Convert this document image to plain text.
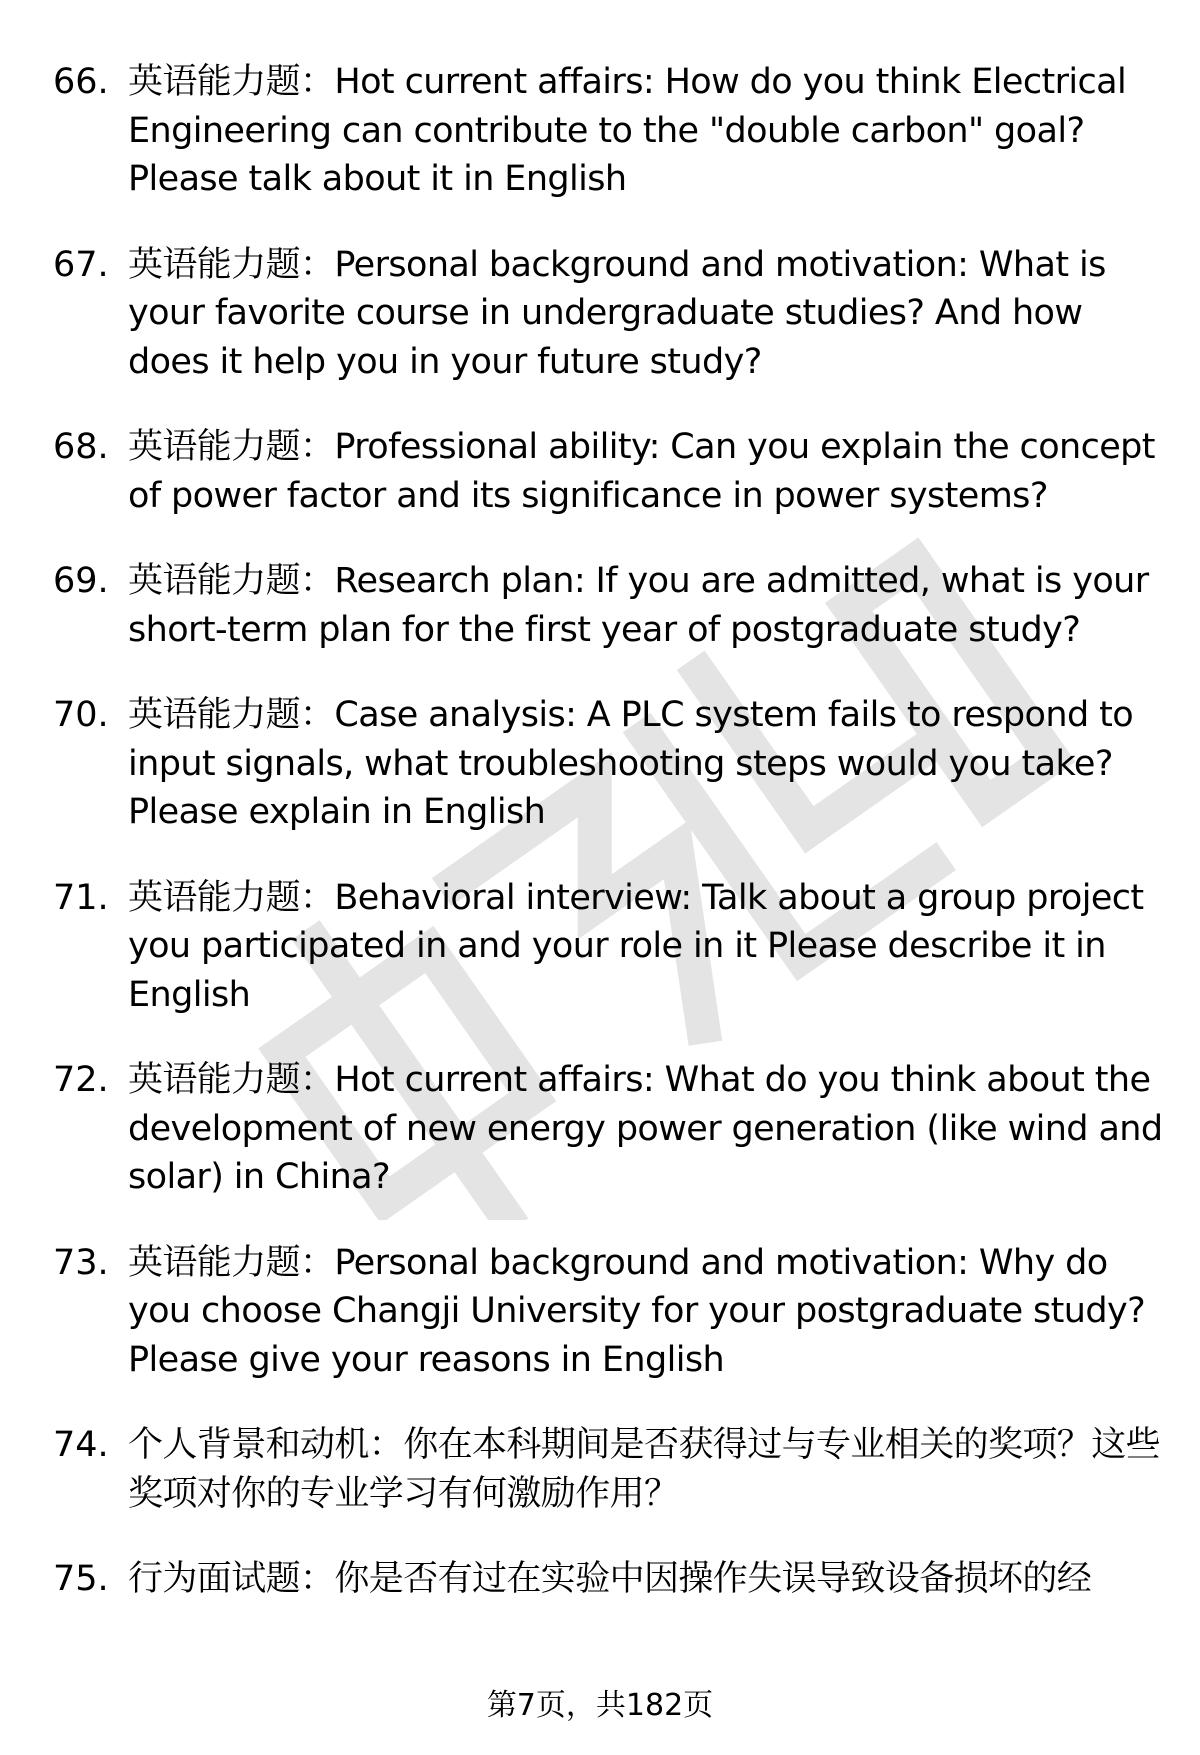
66. 英语能力题：Hot current affairs: How do you think Electrical Engineering can contribute to the "double carbon" goal? Please talk about it in English
67. 英语能力题：Personal background and motivation: What is your favorite course in undergraduate studies? And how does it help you in your future study?
68. 英语能力题：Professional ability: Can you explain the concept of power factor and its significance in power systems?
69. 英语能力题：Research plan: If you are admitted, what is your short-term plan for the first year of postgraduate study?
70. 英语能力题：Case analysis: A PLC system fails to respond to input signals, what troubleshooting steps would you take? Please explain in English
71. 英语能力题：Behavioral interview: Talk about a group project you participated in and your role in it Please describe it in English
72. 英语能力题：Hot current affairs: What do you think about the development of new energy power generation (like wind and solar) in China?
73. 英语能力题：Personal background and motivation: Why do you choose Changji University for your postgraduate study? Please give your reasons in English
74. 个人背景和动机：你在本科期间是否获得过与专业相关的奖项？这些奖项对你的专业学习有何激励作用？
75. 行为面试题：你是否有过在实验中因操作失误导致设备损坏的经
第7页，共182页
